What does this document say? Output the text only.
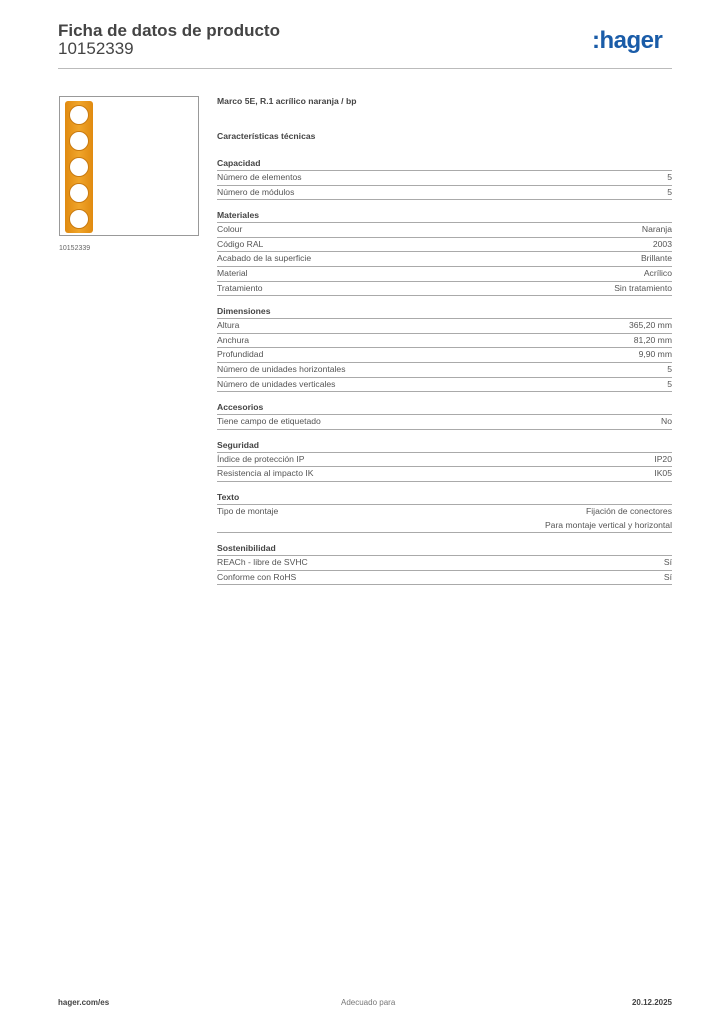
Ficha de datos de producto
10152339	:hager
10152339
Marco 5E, R.1 acrílico naranja / bp
Características técnicas
Capacidad
Número de elementos	5
Número de módulos	5
Materiales
Colour	Naranja
Código RAL	2003
Acabado de la superficie	Brillante
Material	Acrílico
Tratamiento	Sin tratamiento
Dimensiones
Altura	365,20 mm
Anchura	81,20 mm
Profundidad	9,90 mm
Número de unidades horizontales	5
Número de unidades verticales	5
Accesorios
Tiene campo de etiquetado	No
Seguridad
Índice de protección IP	IP20
Resistencia al impacto IK	IK05
Texto
Tipo de montaje	Fijación de conectores
Para montaje vertical y horizontal
Sostenibilidad
REACh - libre de SVHC	Sí
Conforme con RoHS	Sí
hager.com/es	Adecuado para	20.12.2025
